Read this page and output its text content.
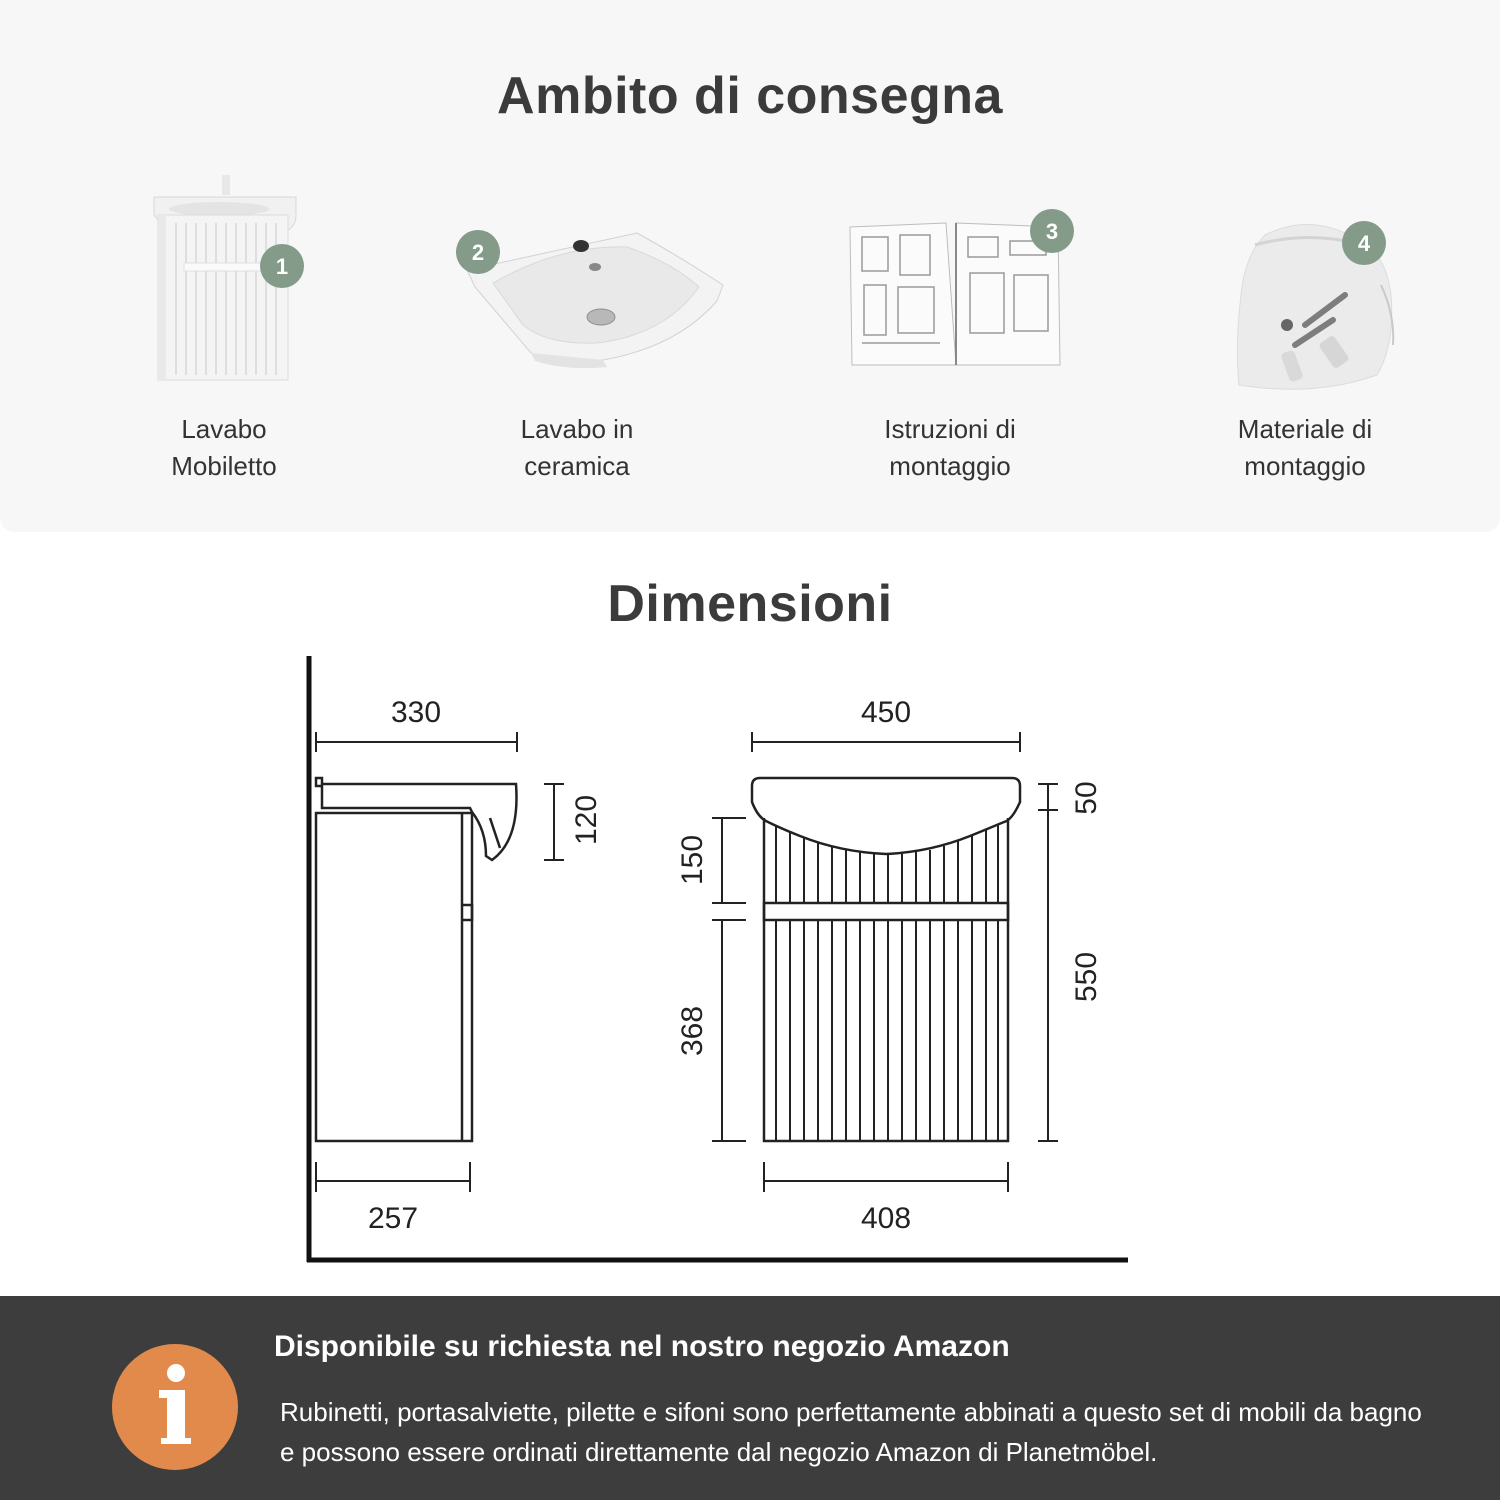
Ambito di consegna
1
Lavabo
Mobiletto
2
Lavabo in
ceramica
3
Istruzioni di
montaggio
4
Materiale di
montaggio
Dimensioni
330
120
257
450
50
550
150
368
408
Disponibile su richiesta nel nostro negozio Amazon
Rubinetti, portasalviette, pilette e sifoni sono perfettamente abbinati a questo set di mobili da bagno e possono essere ordinati direttamente dal negozio Amazon di Planetmöbel.
